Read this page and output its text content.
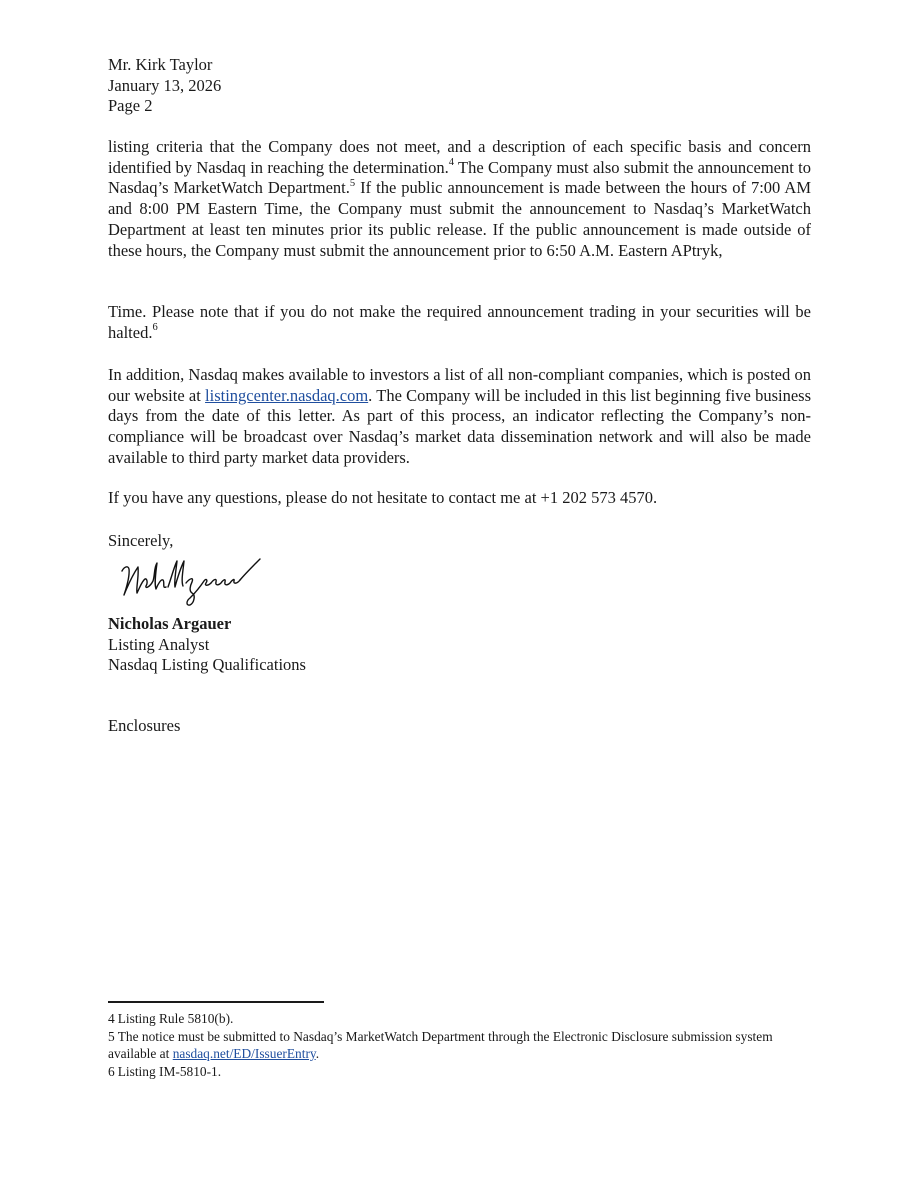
Mr. Kirk Taylor
January 13, 2026
Page 2

listing criteria that the Company does not meet, and a description of each specific basis and concern identified by Nasdaq in reaching the determination.$^4$ The Company must also submit the announcement to Nasdaq’s MarketWatch Department.$^5$ If the public announcement is made between the hours of 7:00 AM and 8:00 PM Eastern Time, the Company must submit the announcement to Nasdaq’s MarketWatch Department at least ten minutes prior its public release. If the public announcement is made outside of these hours, the Company must submit the announcement prior to 6:50 A.M. Eastern APtryk,

Time. Please note that if you do not make the required announcement trading in your securities will be halted.$^6$

In addition, Nasdaq makes available to investors a list of all non-compliant companies, which is posted on our website at listingcenter.nasdaq.com. The Company will be included in this list beginning five business days from the date of this letter. As part of this process, an indicator reflecting the Company’s non-compliance will be broadcast over Nasdaq’s market data dissemination network and will also be made available to third party market data providers.

If you have any questions, please do not hesitate to contact me at +1 202 573 4570.

Sincerely,
Nicholas Argauer
Listing Analyst
Nasdaq Listing Qualifications
Enclosures

4 Listing Rule 5810(b).

5 The notice must be submitted to Nasdaq’s MarketWatch Department through the Electronic Disclosure submission system available at nasdaq.net/ED/IssuerEntry.

6 Listing IM-5810-1.
